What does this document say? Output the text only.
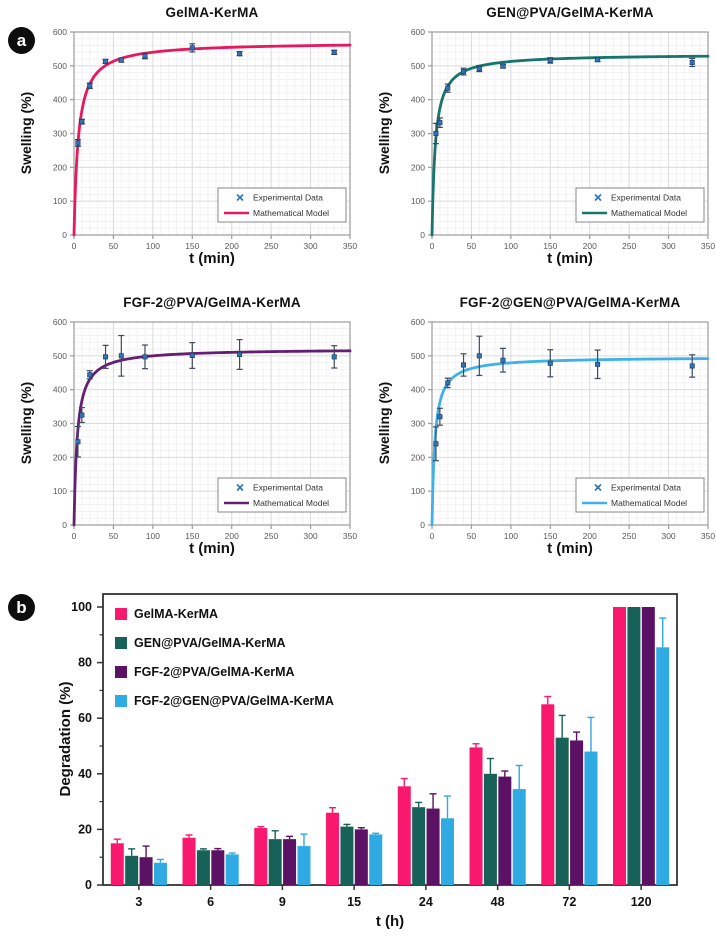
a
GelMA-KerMA
Swelling (%)
t (min)
0	50	100	150	200	250	300	350
0
100
200
300
400
500
600
Experimental Data
Mathematical Model
GEN@PVA/GelMA-KerMA
Swelling (%)
t (min)
0	50	100	150	200	250	300	350
0
100
200
300
400
500
600
Experimental Data
Mathematical Model
FGF-2@PVA/GelMA-KerMA
Swelling (%)
t (min)
0	50	100	150	200	250	300	350
0
100
200
300
400
500
600
Experimental Data
Mathematical Model
FGF-2@GEN@PVA/GelMA-KerMA
Swelling (%)
t (min)
0	50	100	150	200	250	300	350
0
100
200
300
400
500
600
Experimental Data
Mathematical Model
b
0
20
40
60
80
100
3	6	9	15	24	48	72	120
Degradation (%)
t (h)
GelMA-KerMA
GEN@PVA/GelMA-KerMA
FGF-2@PVA/GelMA-KerMA
FGF-2@GEN@PVA/GelMA-KerMA
